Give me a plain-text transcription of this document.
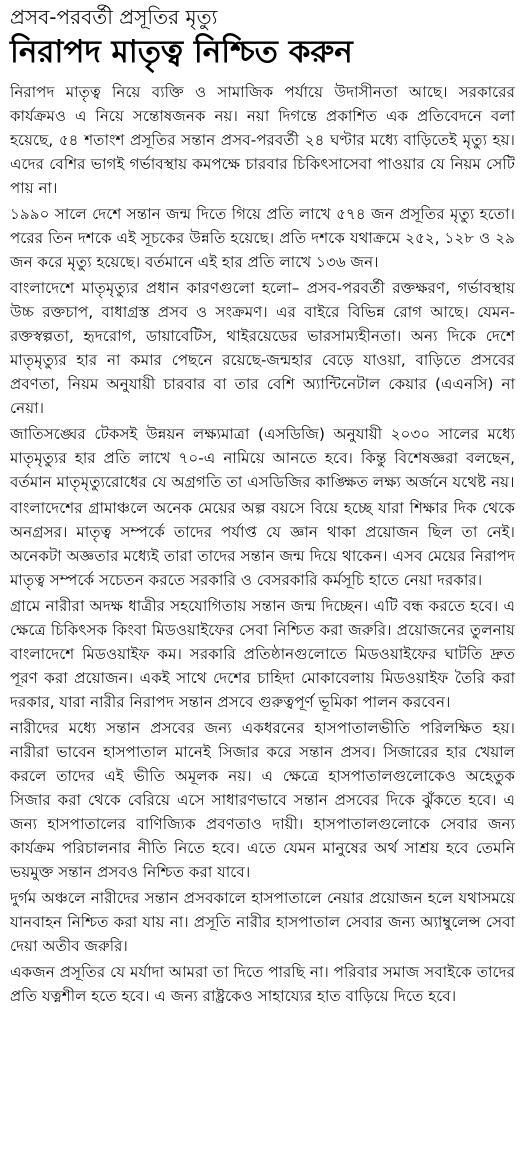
প্রসব-পরবর্তী প্রসূতির মৃত্যু
নিরাপদ মাতৃত্ব নিশ্চিত করুন

নিরাপদ মাতৃত্ব নিয়ে ব্যক্তি ও সামাজিক পর্যায়ে উদাসীনতা আছে। সরকারের কার্যক্রমও এ নিয়ে সন্তোষজনক নয়। নয়া দিগন্তে প্রকাশিত এক প্রতিবেদনে বলা হয়েছে, ৫৪ শতাংশ প্রসূতির সন্তান প্রসব-পরবর্তী ২৪ ঘণ্টার মধ্যে বাড়িতেই মৃত্যু হয়। এদের বেশির ভাগই গর্ভাবস্থায় কমপক্ষে চারবার চিকিৎসাসেবা পাওয়ার যে নিয়ম সেটি পায় না।

১৯৯০ সালে দেশে সন্তান জন্ম দিতে গিয়ে প্রতি লাখে ৫৭৪ জন প্রসূতির মৃত্যু হতো। পরের তিন দশকে এই সূচকের উন্নতি হয়েছে। প্রতি দশকে যথাক্রমে ২৫২, ১২৮ ও ২৯ জন করে মৃত্যু হয়েছে। বর্তমানে এই হার প্রতি লাখে ১৩৬ জন।

বাংলাদেশে মাতৃমৃত্যুর প্রধান কারণগুলো হলো– প্রসব-পরবর্তী রক্তক্ষরণ, গর্ভাবস্থায় উচ্চ রক্তচাপ, বাধাগ্রস্ত প্রসব ও সংক্রমণ। এর বাইরে বিভিন্ন রোগ আছে। যেমন-রক্তস্বল্পতা, হৃদরোগ, ডায়াবেটিস, থাইরয়েডের ভারসাম্যহীনতা। অন্য দিকে দেশে মাতৃমৃত্যুর হার না কমার পেছনে রয়েছে-জন্মহার বেড়ে যাওয়া, বাড়িতে প্রসবের প্রবণতা, নিয়ম অনুযায়ী চারবার বা তার বেশি অ্যান্টিনেটাল কেয়ার (এএনসি) না নেয়া।

জাতিসঙ্ঘের টেকসই উন্নয়ন লক্ষ্যমাত্রা (এসডিজি) অনুযায়ী ২০৩০ সালের মধ্যে মাতৃমৃত্যুর হার প্রতি লাখে ৭০-এ নামিয়ে আনতে হবে। কিন্তু বিশেষজ্ঞরা বলছেন, বর্তমান মাতৃমৃত্যুরোধের যে অগ্রগতি তা এসডিজির কাঙ্ক্ষিত লক্ষ্য অর্জনে যথেষ্ট নয়।

বাংলাদেশের গ্রামাঞ্চলে অনেক মেয়ের অল্প বয়সে বিয়ে হচ্ছে যারা শিক্ষার দিক থেকে অনগ্রসর। মাতৃত্ব সম্পর্কে তাদের পর্যাপ্ত যে জ্ঞান থাকা প্রয়োজন ছিল তা নেই। অনেকটা অজ্ঞতার মধ্যেই তারা তাদের সন্তান জন্ম দিয়ে থাকেন। এসব মেয়ের নিরাপদ মাতৃত্ব সম্পর্কে সচেতন করতে সরকারি ও বেসরকারি কর্মসূচি হাতে নেয়া দরকার।

গ্রামে নারীরা অদক্ষ ধাত্রীর সহযোগিতায় সন্তান জন্ম দিচ্ছেন। এটি বন্ধ করতে হবে। এ ক্ষেত্রে চিকিৎসক কিংবা মিডওয়াইফের সেবা নিশ্চিত করা জরুরি। প্রয়োজনের তুলনায় বাংলাদেশে মিডওয়াইফ কম। সরকারি প্রতিষ্ঠানগুলোতে মিডওয়াইফের ঘাটতি দ্রুত পূরণ করা প্রয়োজন। একই সাথে দেশের চাহিদা মোকাবেলায় মিডওয়াইফ তৈরি করা দরকার, যারা নারীর নিরাপদ সন্তান প্রসবে গুরুত্বপূর্ণ ভূমিকা পালন করবেন।

নারীদের মধ্যে সন্তান প্রসবের জন্য একধরনের হাসপাতালভীতি পরিলক্ষিত হয়। নারীরা ভাবেন হাসপাতাল মানেই সিজার করে সন্তান প্রসব। সিজারের হার খেয়াল করলে তাদের এই ভীতি অমূলক নয়। এ ক্ষেত্রে হাসপাতালগুলোকেও অহেতুক সিজার করা থেকে বেরিয়ে এসে সাধারণভাবে সন্তান প্রসবের দিকে ঝুঁকতে হবে। এ জন্য হাসপাতালের বাণিজ্যিক প্রবণতাও দায়ী। হাসপাতালগুলোকে সেবার জন্য কার্যক্রম পরিচালনার নীতি নিতে হবে। এতে যেমন মানুষের অর্থ সাশ্রয় হবে তেমনি ভয়মুক্ত সন্তান প্রসবও নিশ্চিত করা যাবে।

দুর্গম অঞ্চলে নারীদের সন্তান প্রসবকালে হাসপাতালে নেয়ার প্রয়োজন হলে যথাসময়ে যানবাহন নিশ্চিত করা যায় না। প্রসূতি নারীর হাসপাতাল সেবার জন্য অ্যাম্বুলেন্স সেবা দেয়া অতীব জরুরি।

একজন প্রসূতির যে মর্যাদা আমরা তা দিতে পারছি না। পরিবার সমাজ সবাইকে তাদের প্রতি যত্নশীল হতে হবে। এ জন্য রাষ্ট্রকেও সাহায্যের হাত বাড়িয়ে দিতে হবে।
